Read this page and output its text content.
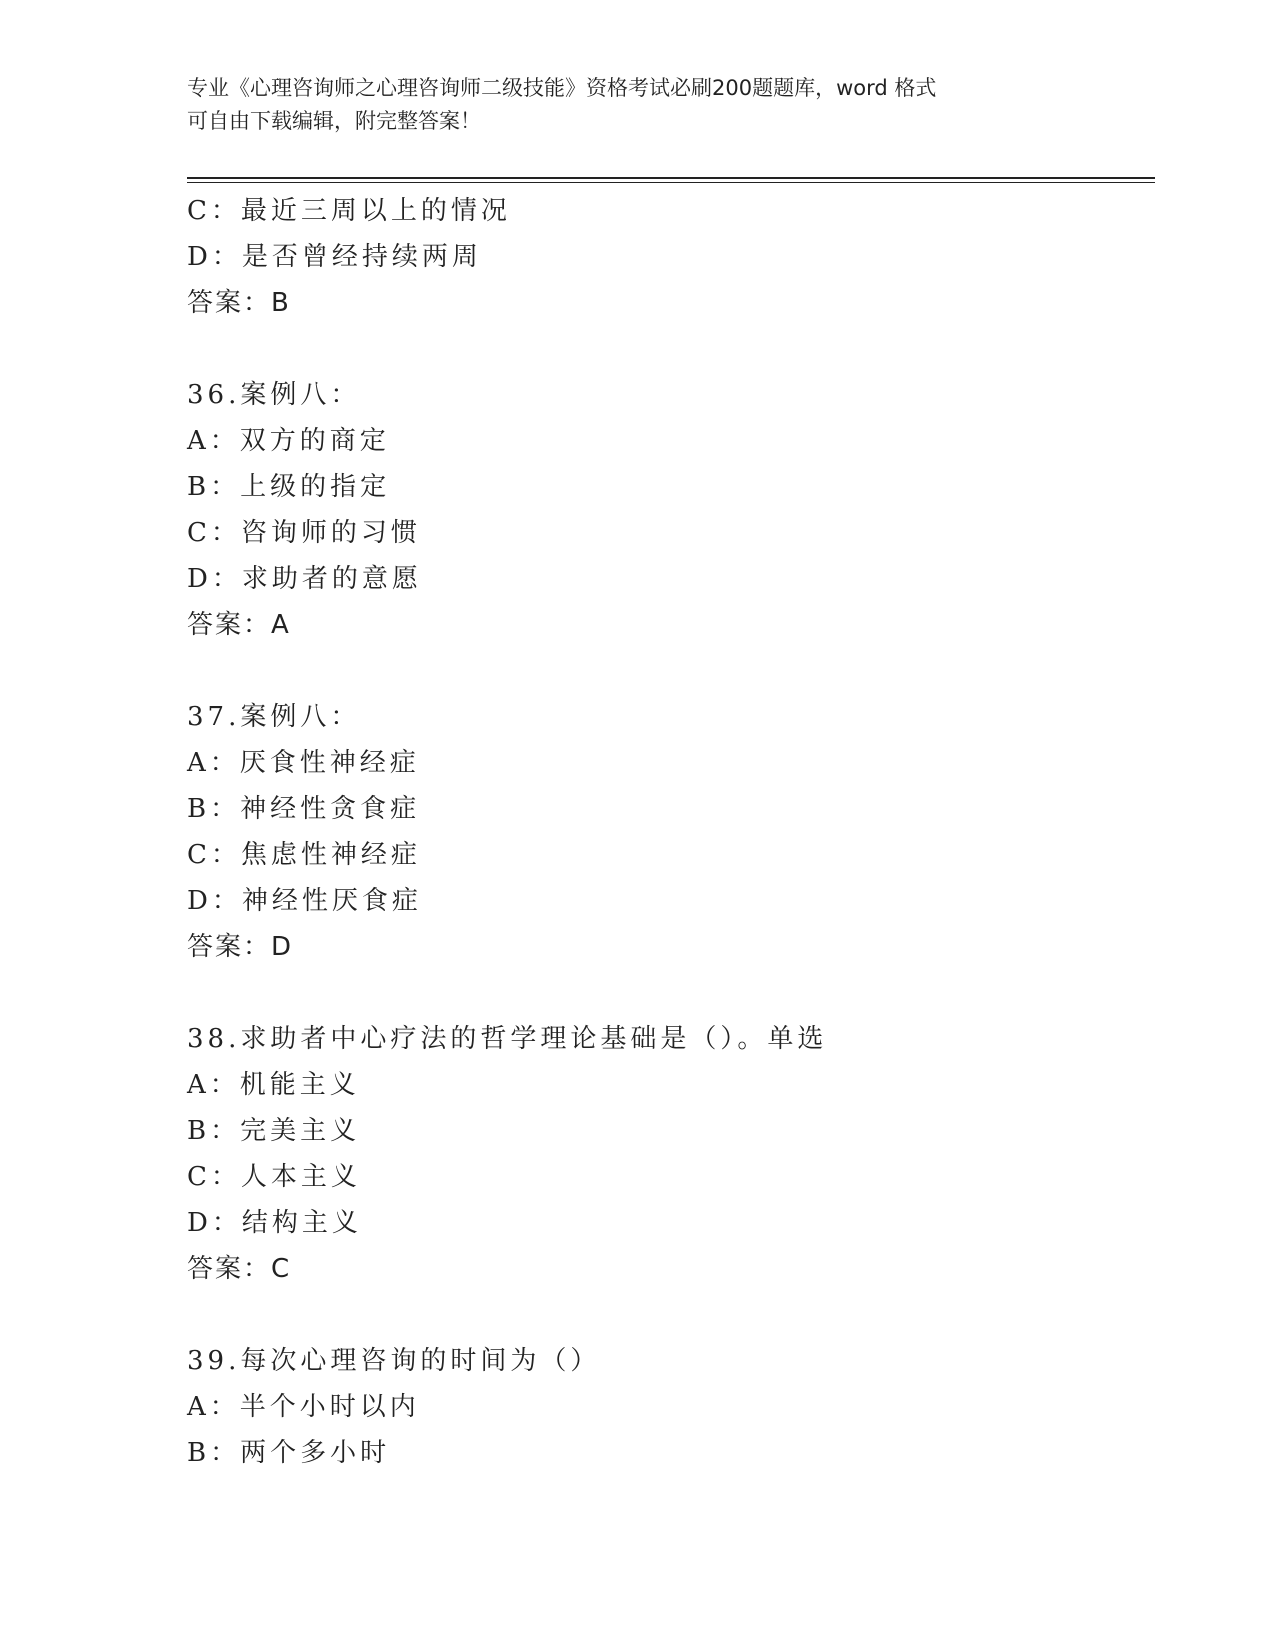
专业《心理咨询师之心理咨询师二级技能》资格考试必刷200题题库，word 格式
可自由下载编辑，附完整答案！
C：最近三周以上的情况
D：是否曾经持续两周
答案：B
36.案例八：
A：双方的商定
B：上级的指定
C：咨询师的习惯
D：求助者的意愿
答案：A
37.案例八：
A：厌食性神经症
B：神经性贪食症
C：焦虑性神经症
D：神经性厌食症
答案：D
38.求助者中心疗法的哲学理论基础是（）。单选
A：机能主义
B：完美主义
C：人本主义
D：结构主义
答案：C
39.每次心理咨询的时间为（）
A：半个小时以内
B：两个多小时
